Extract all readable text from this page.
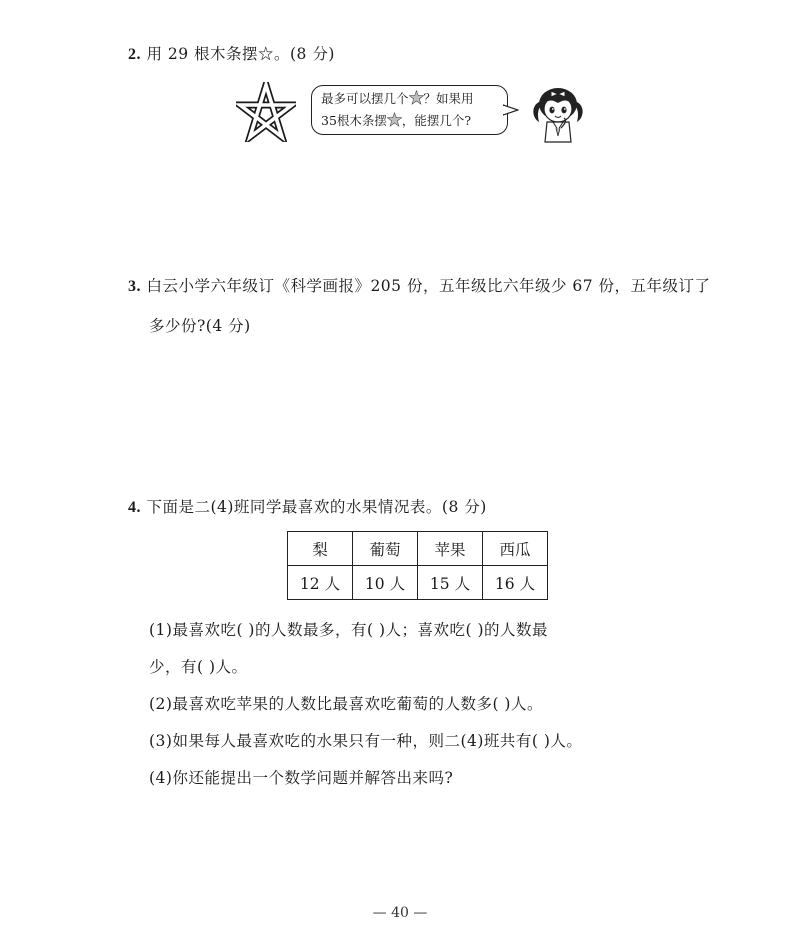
2. 用 29 根木条摆☆。(8 分)
最多可以摆几个 ？如果用
35根木条摆 ，能摆几个?
3. 白云小学六年级订《科学画报》205 份，五年级比六年级少 67 份，五年级订了
多少份?(4 分)
4. 下面是二(4)班同学最喜欢的水果情况表。(8 分)
梨	葡萄	苹果	西瓜
12 人	10 人	15 人	16 人
(1)最喜欢吃( )的人数最多，有( )人；喜欢吃( )的人数最
少，有( )人。
(2)最喜欢吃苹果的人数比最喜欢吃葡萄的人数多( )人。
(3)如果每人最喜欢吃的水果只有一种，则二(4)班共有( )人。
(4)你还能提出一个数学问题并解答出来吗?
— 40 —
